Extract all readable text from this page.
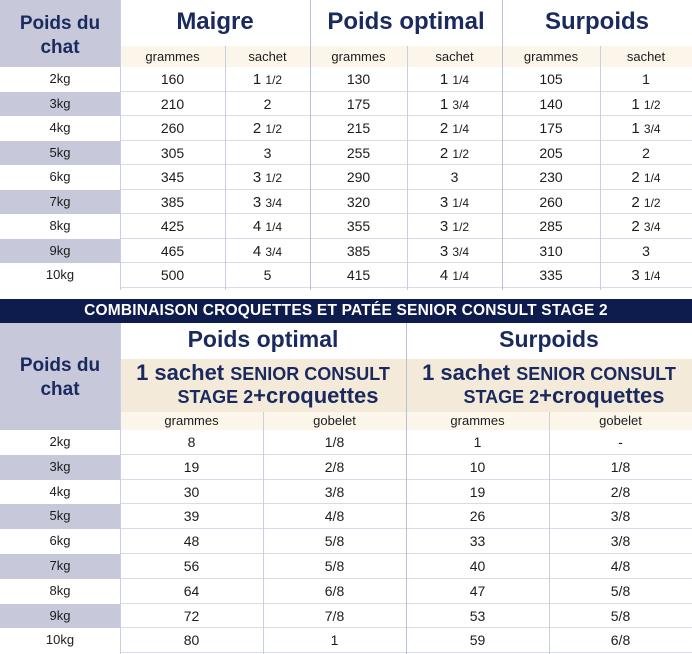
Poids du chat
Maigre	Poids optimal	Surpoids
grammes	sachet	grammes	sachet	grammes	sachet
2kg	160	1 1/2	130	1 1/4	105	1
3kg	210	2	175	1 3/4	140	1 1/2
4kg	260	2 1/2	215	2 1/4	175	1 3/4
5kg	305	3	255	2 1/2	205	2
6kg	345	3 1/2	290	3	230	2 1/4
7kg	385	3 3/4	320	3 1/4	260	2 1/2
8kg	425	4 1/4	355	3 1/2	285	2 3/4
9kg	465	4 3/4	385	3 3/4	310	3
10kg	500	5	415	4 1/4	335	3 1/4
COMBINAISON CROQUETTES ET PATÉE SENIOR CONSULT STAGE 2
Poids du chat
Poids optimal	Surpoids
1 sachet SENIOR CONSULT
STAGE 2+croquettes
1 sachet SENIOR CONSULT
STAGE 2+croquettes
grammes	gobelet	grammes	gobelet
2kg	8	1/8	1	-
3kg	19	2/8	10	1/8
4kg	30	3/8	19	2/8
5kg	39	4/8	26	3/8
6kg	48	5/8	33	3/8
7kg	56	5/8	40	4/8
8kg	64	6/8	47	5/8
9kg	72	7/8	53	5/8
10kg	80	1	59	6/8
